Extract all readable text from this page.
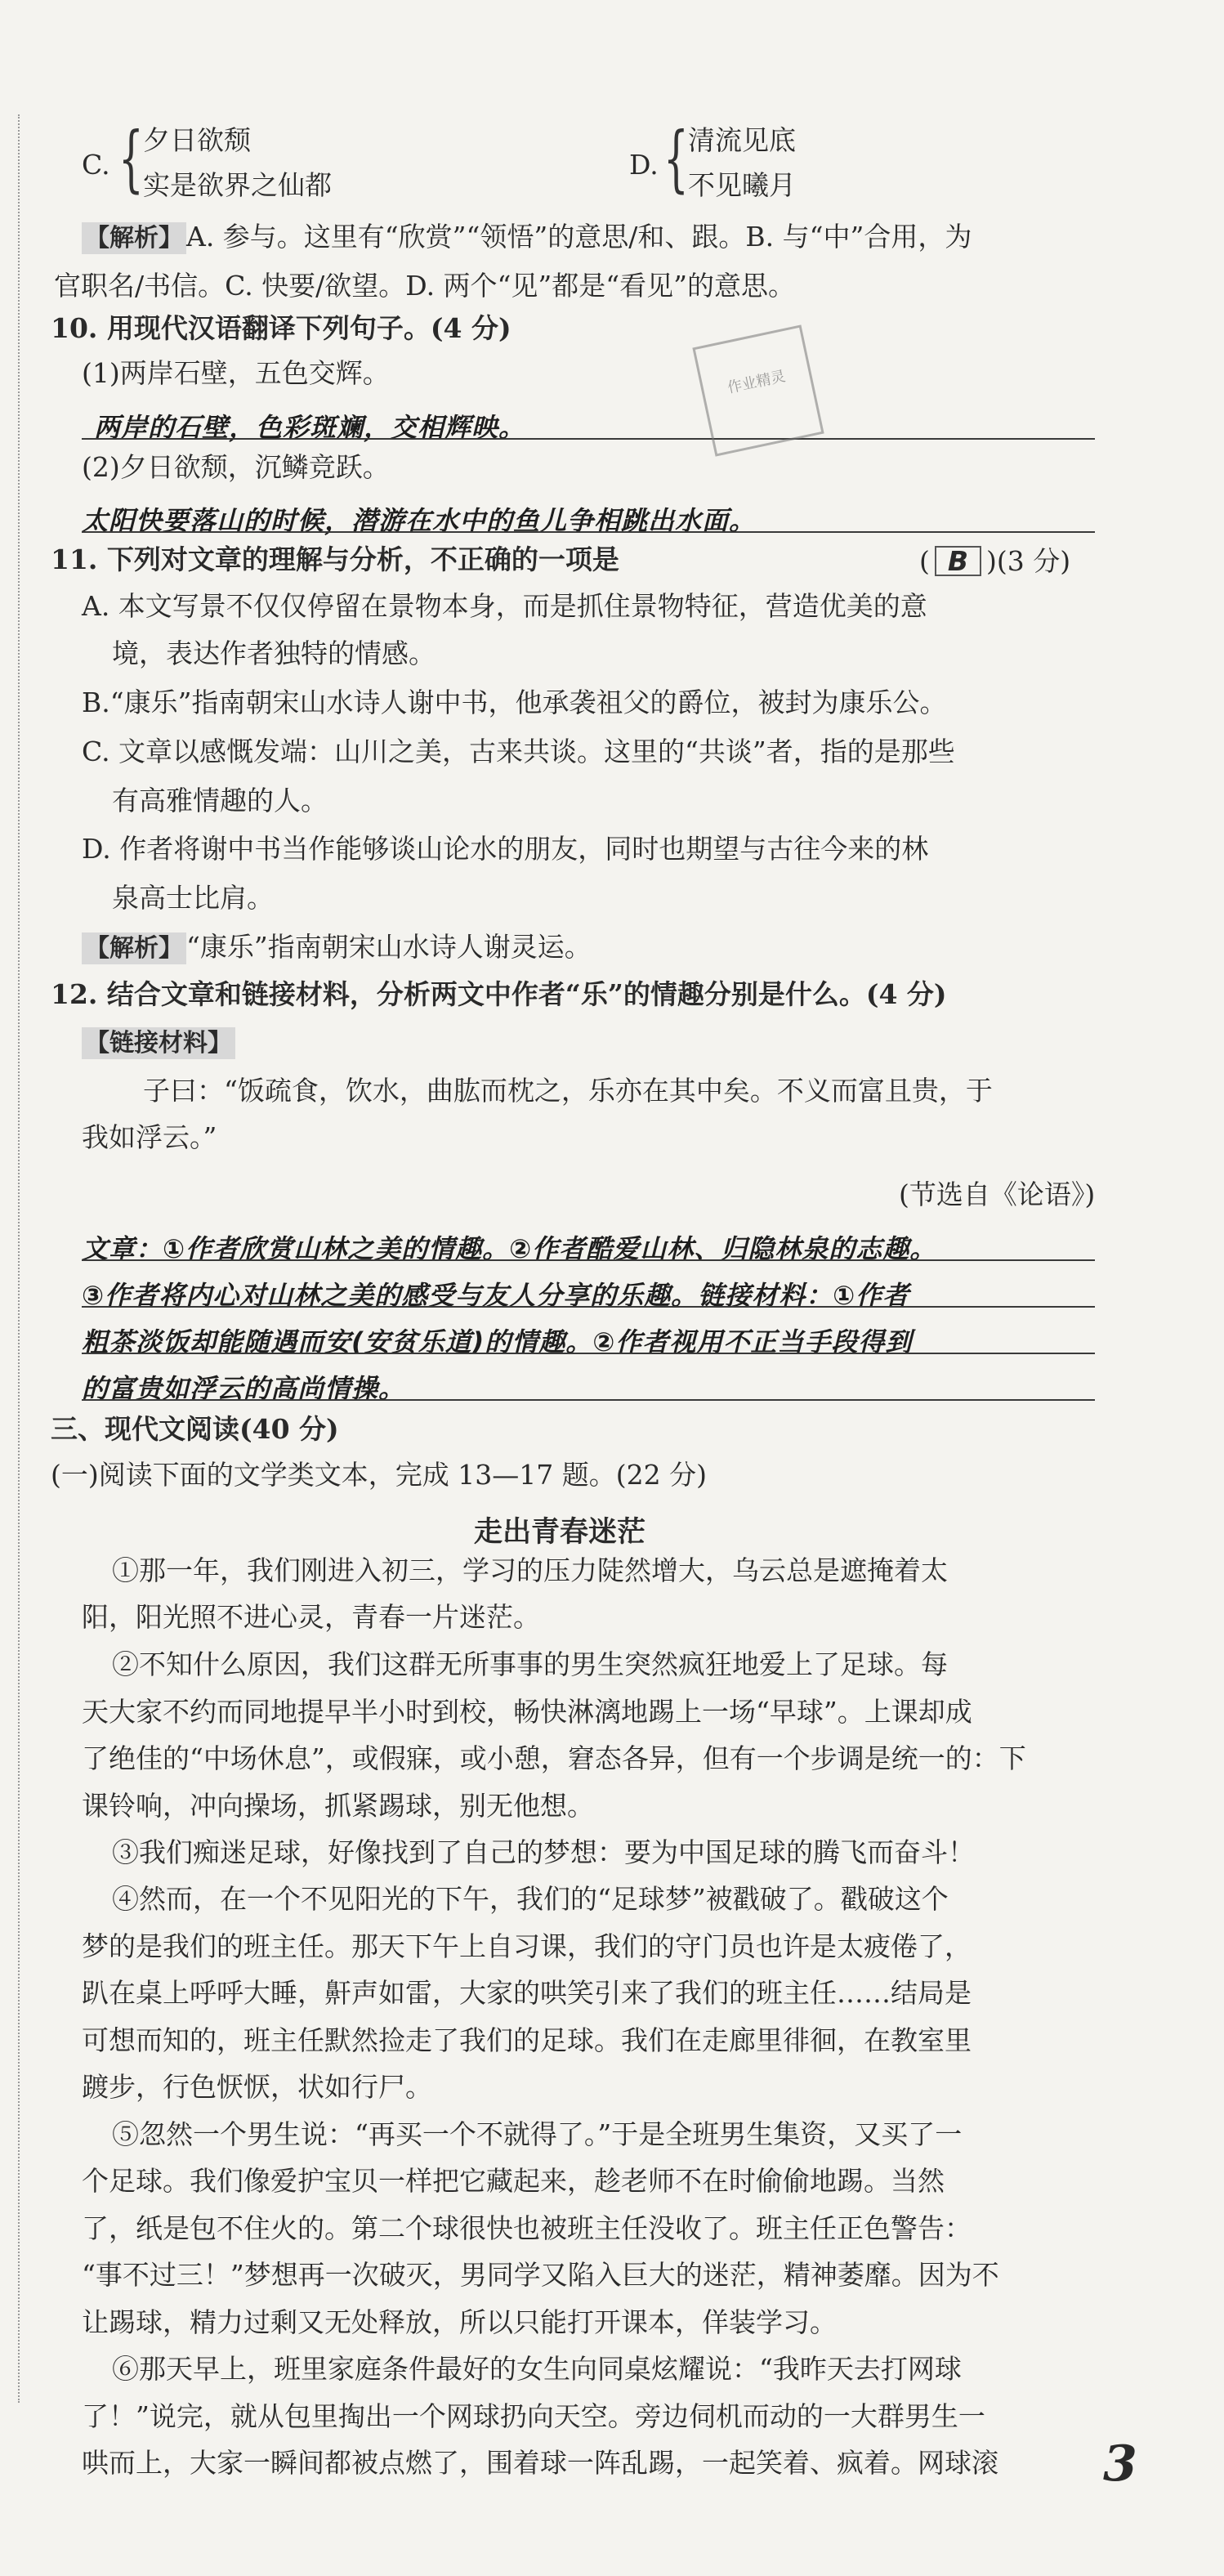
C. { 夕日欲颓
实是欲界之仙都
D. { 清流见底
不见曦月
【解析】 A. 参与。这里有“欣赏”“领悟”的意思/和、跟。B. 与“中”合用，为
官职名/书信。C. 快要/欲望。D. 两个“见”都是“看见”的意思。
10. 用现代汉语翻译下列句子。(4 分)
(1)两岸石壁，五色交辉。
两岸的石壁，色彩斑斓，交相辉映。
(2)夕日欲颓，沉鳞竞跃。
太阳快要落山的时候，潜游在水中的鱼儿争相跳出水面。
作业精灵
11. 下列对文章的理解与分析，不正确的一项是	( B )(3 分)
A. 本文写景不仅仅停留在景物本身，而是抓住景物特征，营造优美的意
境，表达作者独特的情感。
B.“康乐”指南朝宋山水诗人谢中书，他承袭祖父的爵位，被封为康乐公。
C. 文章以感慨发端：山川之美，古来共谈。这里的“共谈”者，指的是那些
有高雅情趣的人。
D. 作者将谢中书当作能够谈山论水的朋友，同时也期望与古往今来的林
泉高士比肩。
【解析】 “康乐”指南朝宋山水诗人谢灵运。
12. 结合文章和链接材料，分析两文中作者“乐”的情趣分别是什么。(4 分)
【链接材料】
子曰：“饭疏食，饮水，曲肱而枕之，乐亦在其中矣。不义而富且贵，于
我如浮云。”
(节选自《论语》)
文章：①作者欣赏山林之美的情趣。②作者酷爱山林、归隐林泉的志趣。
③作者将内心对山林之美的感受与友人分享的乐趣。链接材料：①作者
粗茶淡饭却能随遇而安(安贫乐道)的情趣。②作者视用不正当手段得到
的富贵如浮云的高尚情操。
三、现代文阅读(40 分)
(一)阅读下面的文学类文本，完成 13—17 题。(22 分)
走出青春迷茫
①那一年，我们刚进入初三，学习的压力陡然增大，乌云总是遮掩着太
阳，阳光照不进心灵，青春一片迷茫。
②不知什么原因，我们这群无所事事的男生突然疯狂地爱上了足球。每
天大家不约而同地提早半小时到校，畅快淋漓地踢上一场“早球”。上课却成
了绝佳的“中场休息”，或假寐，或小憩，窘态各异，但有一个步调是统一的：下
课铃响，冲向操场，抓紧踢球，别无他想。
③我们痴迷足球，好像找到了自己的梦想：要为中国足球的腾飞而奋斗！
④然而，在一个不见阳光的下午，我们的“足球梦”被戳破了。戳破这个
梦的是我们的班主任。那天下午上自习课，我们的守门员也许是太疲倦了，
趴在桌上呼呼大睡，鼾声如雷，大家的哄笑引来了我们的班主任……结局是
可想而知的，班主任默然捡走了我们的足球。我们在走廊里徘徊，在教室里
踱步，行色恹恹，状如行尸。
⑤忽然一个男生说：“再买一个不就得了。”于是全班男生集资，又买了一
个足球。我们像爱护宝贝一样把它藏起来，趁老师不在时偷偷地踢。当然
了，纸是包不住火的。第二个球很快也被班主任没收了。班主任正色警告：
“事不过三！”梦想再一次破灭，男同学又陷入巨大的迷茫，精神萎靡。因为不
让踢球，精力过剩又无处释放，所以只能打开课本，佯装学习。
⑥那天早上，班里家庭条件最好的女生向同桌炫耀说：“我昨天去打网球
了！”说完，就从包里掏出一个网球扔向天空。旁边伺机而动的一大群男生一
哄而上，大家一瞬间都被点燃了，围着球一阵乱踢，一起笑着、疯着。网球滚 3
